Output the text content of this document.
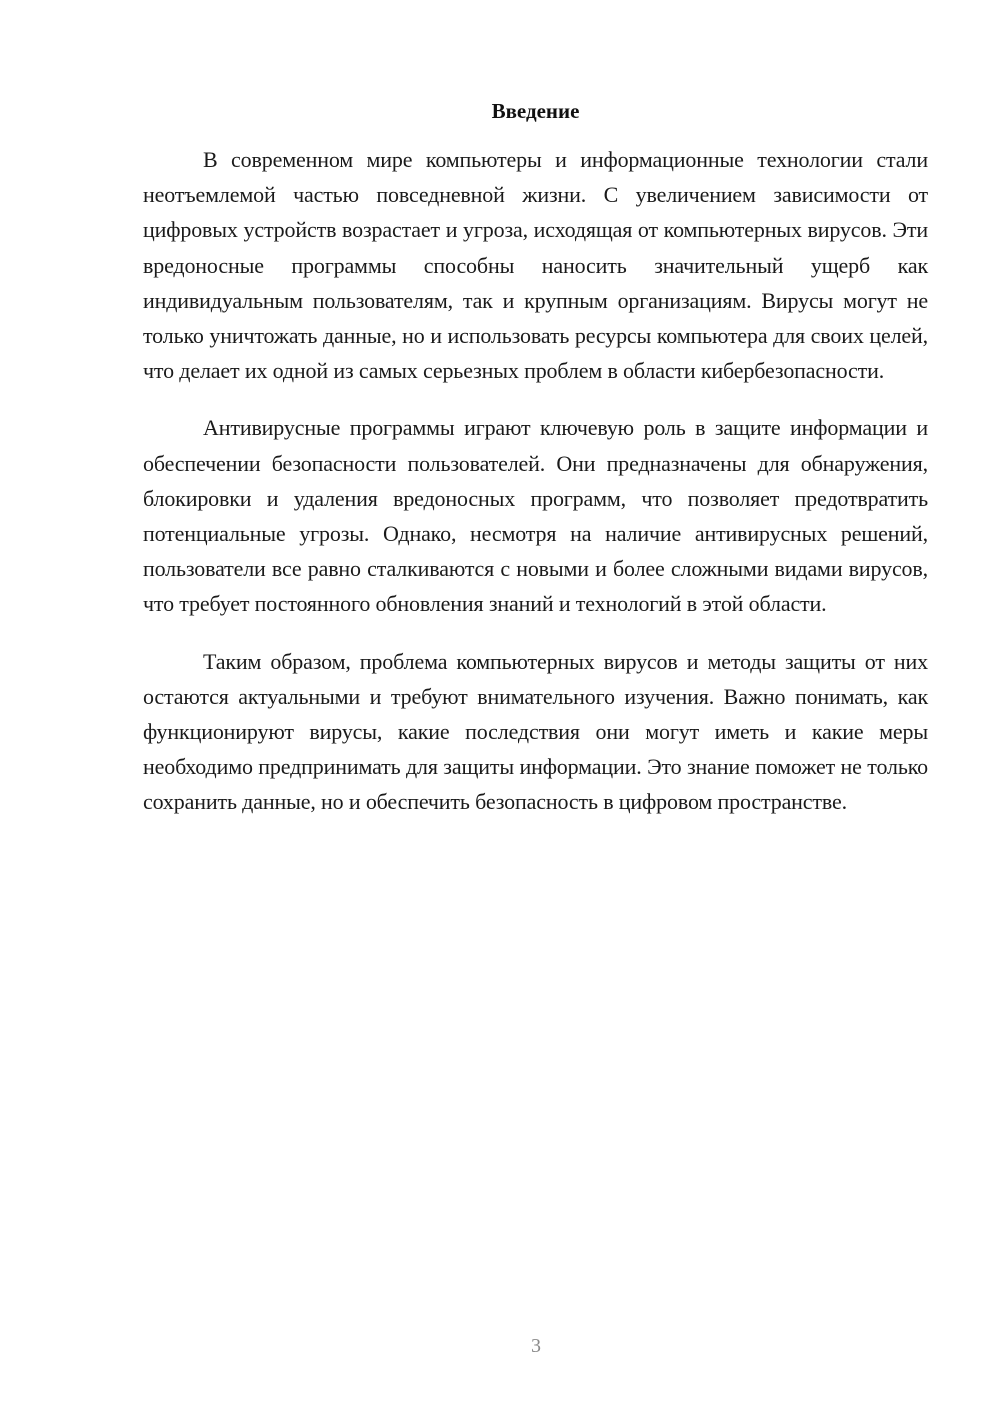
Введение

В современном мире компьютеры и информационные технологии стали неотъемлемой частью повседневной жизни. С увеличением зависимости от цифровых устройств возрастает и угроза, исходящая от компьютерных вирусов. Эти вредоносные программы способны наносить значительный ущерб как индивидуальным пользователям, так и крупным организациям. Вирусы могут не только уничтожать данные, но и использовать ресурсы компьютера для своих целей, что делает их одной из самых серьезных проблем в области кибербезопасности.

Антивирусные программы играют ключевую роль в защите информации и обеспечении безопасности пользователей. Они предназначены для обнаружения, блокировки и удаления вредоносных программ, что позволяет предотвратить потенциальные угрозы. Однако, несмотря на наличие антивирусных решений, пользователи все равно сталкиваются с новыми и более сложными видами вирусов, что требует постоянного обновления знаний и технологий в этой области.

Таким образом, проблема компьютерных вирусов и методы защиты от них остаются актуальными и требуют внимательного изучения. Важно понимать, как функционируют вирусы, какие последствия они могут иметь и какие меры необходимо предпринимать для защиты информации. Это знание поможет не только сохранить данные, но и обеспечить безопасность в цифровом пространстве.

3
